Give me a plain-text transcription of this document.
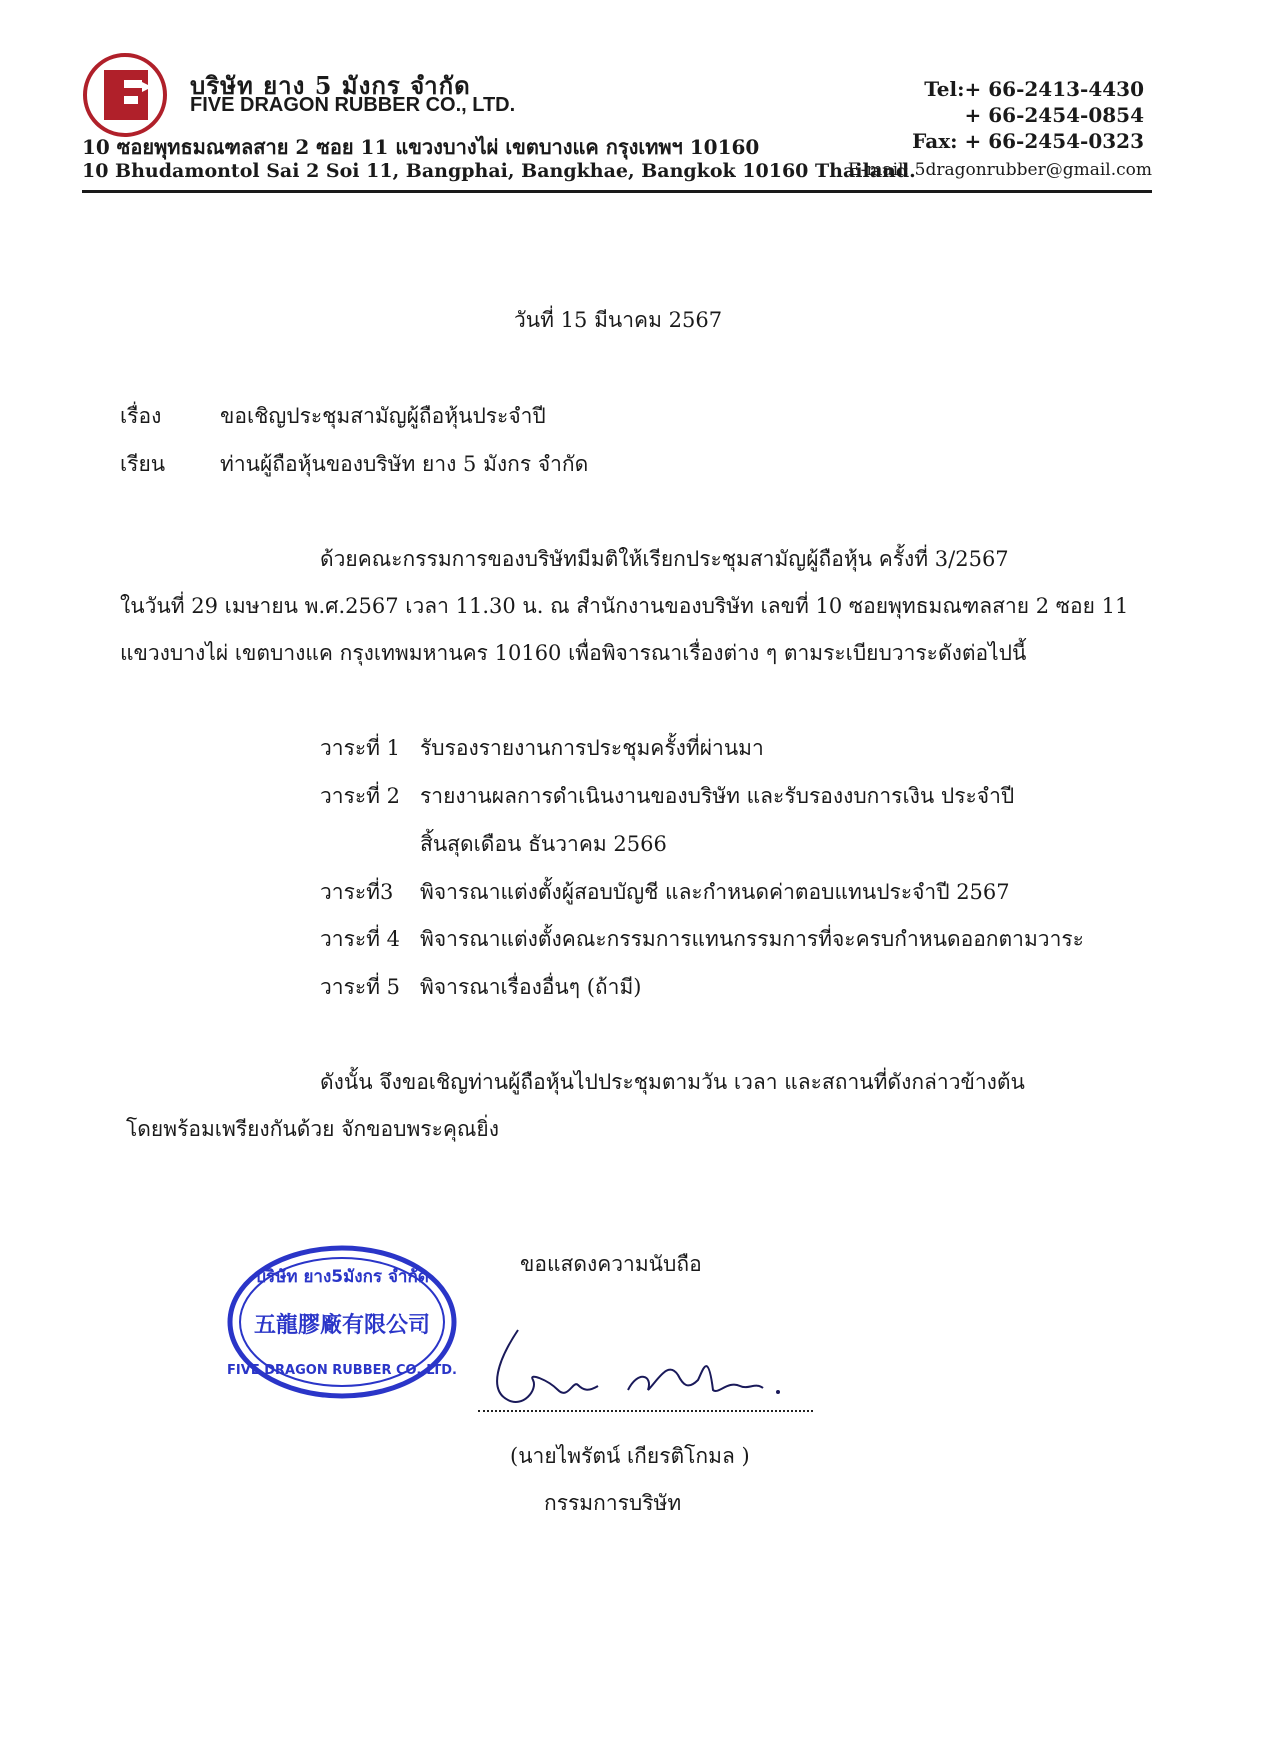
บริษัท ยาง 5 มังกร จำกัด
FIVE DRAGON RUBBER CO., LTD.
10 ซอยพุทธมณฑลสาย 2 ซอย 11 แขวงบางไผ่ เขตบางแค กรุงเทพฯ 10160
10 Bhudamontol Sai 2 Soi 11, Bangphai, Bangkhae, Bangkok 10160 Thailand.
Tel:+ 66-2413-4430
+ 66-2454-0854
Fax: + 66-2454-0323
E-mail: 5dragonrubber@gmail.com
วันที่ 15 มีนาคม 2567
เรื่อง	ขอเชิญประชุมสามัญผู้ถือหุ้นประจำปี
เรียน	ท่านผู้ถือหุ้นของบริษัท ยาง 5 มังกร จำกัด
ด้วยคณะกรรมการของบริษัทมีมติให้เรียกประชุมสามัญผู้ถือหุ้น ครั้งที่ 3/2567
ในวันที่ 29 เมษายน พ.ศ.2567 เวลา 11.30 น. ณ สำนักงานของบริษัท เลขที่ 10 ซอยพุทธมณฑลสาย 2 ซอย 11
แขวงบางไผ่ เขตบางแค กรุงเทพมหานคร 10160 เพื่อพิจารณาเรื่องต่าง ๆ ตามระเบียบวาระดังต่อไปนี้
วาระที่ 1 รับรองรายงานการประชุมครั้งที่ผ่านมา
วาระที่ 2 รายงานผลการดำเนินงานของบริษัท และรับรองงบการเงิน ประจำปี
สิ้นสุดเดือน ธันวาคม 2566
วาระที่3 พิจารณาแต่งตั้งผู้สอบบัญชี และกำหนดค่าตอบแทนประจำปี 2567
วาระที่ 4 พิจารณาแต่งตั้งคณะกรรมการแทนกรรมการที่จะครบกำหนดออกตามวาระ
วาระที่ 5 พิจารณาเรื่องอื่นๆ (ถ้ามี)
ดังนั้น จึงขอเชิญท่านผู้ถือหุ้นไปประชุมตามวัน เวลา และสถานที่ดังกล่าวข้างต้น
โดยพร้อมเพรียงกันด้วย จักขอบพระคุณยิ่ง
ขอแสดงความนับถือ
บริษัท ยาง5มังกร จำกัด
五龍膠廠有限公司
FIVE DRAGON RUBBER CO.,LTD.
(นายไพรัตน์ เกียรติโกมล )
กรรมการบริษัท
